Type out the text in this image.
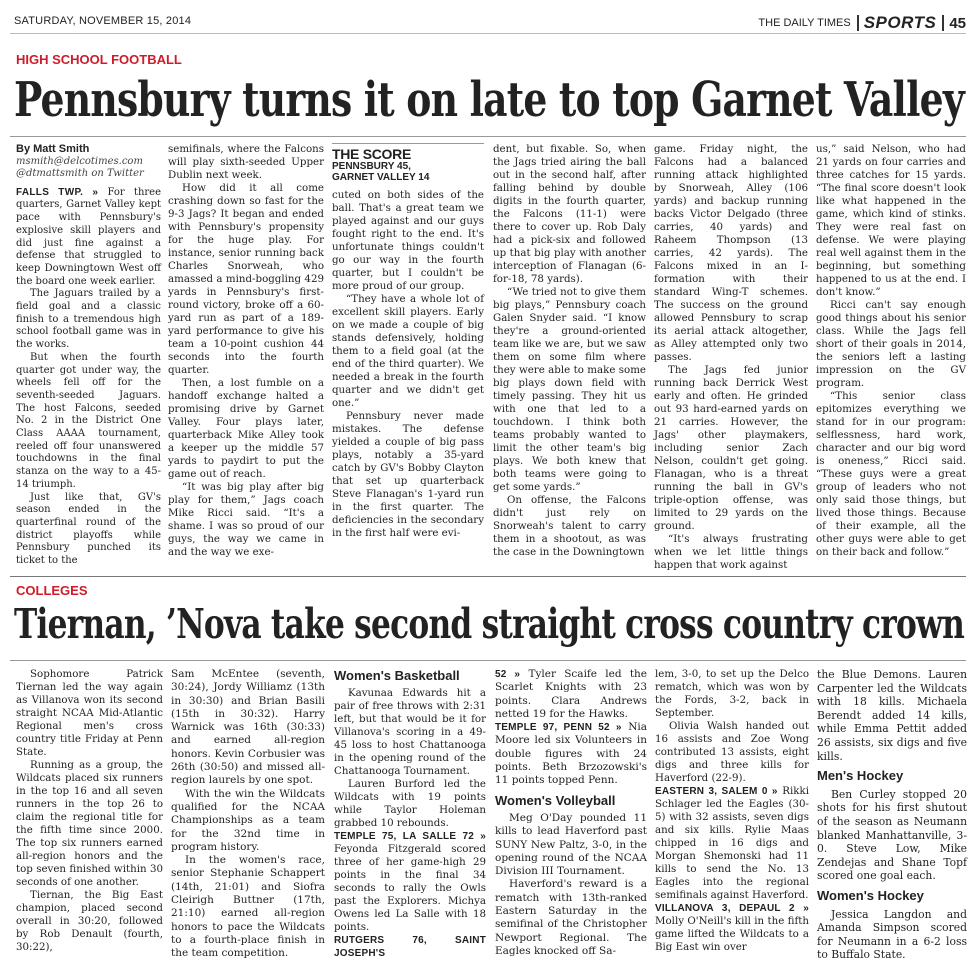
SATURDAY, NOVEMBER 15, 2014	THE DAILY TIMES SPORTS 45
HIGH SCHOOL FOOTBALL
Pennsbury turns it on late to top Garnet Valley
By Matt Smith
msmith@delcotimes.com
@dtmattsmith on Twitter

FALLS TWP. » For three quarters, Garnet Valley kept pace with Pennsbury's explosive skill players and did just fine against a defense that struggled to keep Downingtown West off the board one week earlier.

The Jaguars trailed by a field goal and a classic finish to a tremendous high school football game was in the works.

But when the fourth quarter got under way, the wheels fell off for the seventh-seeded Jaguars. The host Falcons, seeded No. 2 in the District One Class AAAA tournament, reeled off four unanswered touchdowns in the final stanza on the way to a 45-14 triumph.

Just like that, GV's season ended in the quarterfinal round of the district playoffs while Pennsbury punched its ticket to the

semifinals, where the Falcons will play sixth-seeded Upper Dublin next week.

How did it all come crashing down so fast for the 9-3 Jags? It began and ended with Pennsbury's propensity for the huge play. For instance, senior running back Charles Snorweah, who amassed a mind-boggling 429 yards in Pennsbury's first-round victory, broke off a 60-yard run as part of a 189-yard performance to give his team a 10-point cushion 44 seconds into the fourth quarter.

Then, a lost fumble on a handoff exchange halted a promising drive by Garnet Valley. Four plays later, quarterback Mike Alley took a keeper up the middle 57 yards to paydirt to put the game out of reach.

“It was big play after big play for them,” Jags coach Mike Ricci said. “It's a shame. I was so proud of our guys, the way we came in and the way we exe-

THE SCORE
PENNSBURY 45,
GARNET VALLEY 14

cuted on both sides of the ball. That's a great team we played against and our guys fought right to the end. It's unfortunate things couldn't go our way in the fourth quarter, but I couldn't be more proud of our group.

“They have a whole lot of excellent skill players. Early on we made a couple of big stands defensively, holding them to a field goal (at the end of the third quarter). We needed a break in the fourth quarter and we didn't get one.”

Pennsbury never made mistakes. The defense yielded a couple of big pass plays, notably a 35-yard catch by GV's Bobby Clayton that set up quarterback Steve Flanagan's 1-yard run in the first quarter. The deficiencies in the secondary in the first half were evi-

dent, but fixable. So, when the Jags tried airing the ball out in the second half, after falling behind by double digits in the fourth quarter, the Falcons (11-1) were there to cover up. Rob Daly had a pick-six and followed up that big play with another interception of Flanagan (6-for-18, 78 yards).

“We tried not to give them big plays,” Pennsbury coach Galen Snyder said. “I know they're a ground-oriented team like we are, but we saw them on some film where they were able to make some big plays down field with timely passing. They hit us with one that led to a touchdown. I think both teams probably wanted to limit the other team's big plays. We both knew that both teams were going to get some yards.”

On offense, the Falcons didn't just rely on Snorweah's talent to carry them in a shootout, as was the case in the Downingtown

game. Friday night, the Falcons had a balanced running attack highlighted by Snorweah, Alley (106 yards) and backup running backs Victor Delgado (three carries, 40 yards) and Raheem Thompson (13 carries, 42 yards). The Falcons mixed in an I-formation with their standard Wing-T schemes. The success on the ground allowed Pennsbury to scrap its aerial attack altogether, as Alley attempted only two passes.

The Jags fed junior running back Derrick West early and often. He grinded out 93 hard-earned yards on 21 carries. However, the Jags' other playmakers, including senior Zach Nelson, couldn't get going. Flanagan, who is a threat running the ball in GV's triple-option offense, was limited to 29 yards on the ground.

“It's always frustrating when we let little things happen that work against

us,” said Nelson, who had 21 yards on four carries and three catches for 15 yards. “The final score doesn't look like what happened in the game, which kind of stinks. They were real fast on defense. We were playing real well against them in the beginning, but something happened to us at the end. I don't know.”

Ricci can't say enough good things about his senior class. While the Jags fell short of their goals in 2014, the seniors left a lasting impression on the GV program.

“This senior class epitomizes everything we stand for in our program: selflessness, hard work, character and our big word is oneness,” Ricci said. “These guys were a great group of leaders who not only said those things, but lived those things. Because of their example, all the other guys were able to get on their back and follow.”

COLLEGES
Tiernan, ’Nova take second straight cross country crown

Sophomore Patrick Tiernan led the way again as Villanova won its second straight NCAA Mid-Atlantic Regional men's cross country title Friday at Penn State.

Running as a group, the Wildcats placed six runners in the top 16 and all seven runners in the top 26 to claim the regional title for the fifth time since 2000. The top six runners earned all-region honors and the top seven finished within 30 seconds of one another.

Tiernan, the Big East champion, placed second overall in 30:20, followed by Rob Denault (fourth, 30:22),

Sam McEntee (seventh, 30:24), Jordy Williamz (13th in 30:30) and Brian Basili (15th in 30:32). Harry Warnick was 16th (30:33) and earned all-region honors. Kevin Corbusier was 26th (30:50) and missed all-region laurels by one spot.

With the win the Wildcats qualified for the NCAA Championships as a team for the 32nd time in program history.

In the women's race, senior Stephanie Schappert (14th, 21:01) and Siofra Cleirigh Buttner (17th, 21:10) earned all-region honors to pace the Wildcats to a fourth-place finish in the team competition.

Women's Basketball

Kavunaa Edwards hit a pair of free throws with 2:31 left, but that would be it for Villanova's scoring in a 49-45 loss to host Chattanooga in the opening round of the Chattanooga Tournament.

Lauren Burford led the Wildcats with 19 points while Taylor Holeman grabbed 10 rebounds.

TEMPLE 75, LA SALLE 72 » Feyonda Fitzgerald scored three of her game-high 29 points in the final 34 seconds to rally the Owls past the Explorers. Michya Owens led La Salle with 18 points.

RUTGERS 76, SAINT JOSEPH'S

52 » Tyler Scaife led the Scarlet Knights with 23 points. Clara Andrews netted 19 for the Hawks.

TEMPLE 97, PENN 52 » Nia Moore led six Volunteers in double figures with 24 points. Beth Brzozowski's 11 points topped Penn.

Women's Volleyball

Meg O'Day pounded 11 kills to lead Haverford past SUNY New Paltz, 3-0, in the opening round of the NCAA Division III Tournament.

Haverford's reward is a rematch with 13th-ranked Eastern Saturday in the semifinal of the Christopher Newport Regional. The Eagles knocked off Sa-

lem, 3-0, to set up the Delco rematch, which was won by the Fords, 3-2, back in September.

Olivia Walsh handed out 16 assists and Zoe Wong contributed 13 assists, eight digs and three kills for Haverford (22-9).

EASTERN 3, SALEM 0 » Rikki Schlager led the Eagles (30-5) with 32 assists, seven digs and six kills. Rylie Maas chipped in 16 digs and Morgan Shemonski had 11 kills to send the No. 13 Eagles into the regional semifinals against Haverford.

VILLANOVA 3, DEPAUL 2 » Molly O'Neill's kill in the fifth game lifted the Wildcats to a Big East win over

the Blue Demons. Lauren Carpenter led the Wildcats with 18 kills. Michaela Berendt added 14 kills, while Emma Pettit added 26 assists, six digs and five kills.

Men's Hockey

Ben Curley stopped 20 shots for his first shutout of the season as Neumann blanked Manhattanville, 3-0. Steve Low, Mike Zendejas and Shane Topf scored one goal each.

Women's Hockey

Jessica Langdon and Amanda Simpson scored for Neumann in a 6-2 loss to Buffalo State.
